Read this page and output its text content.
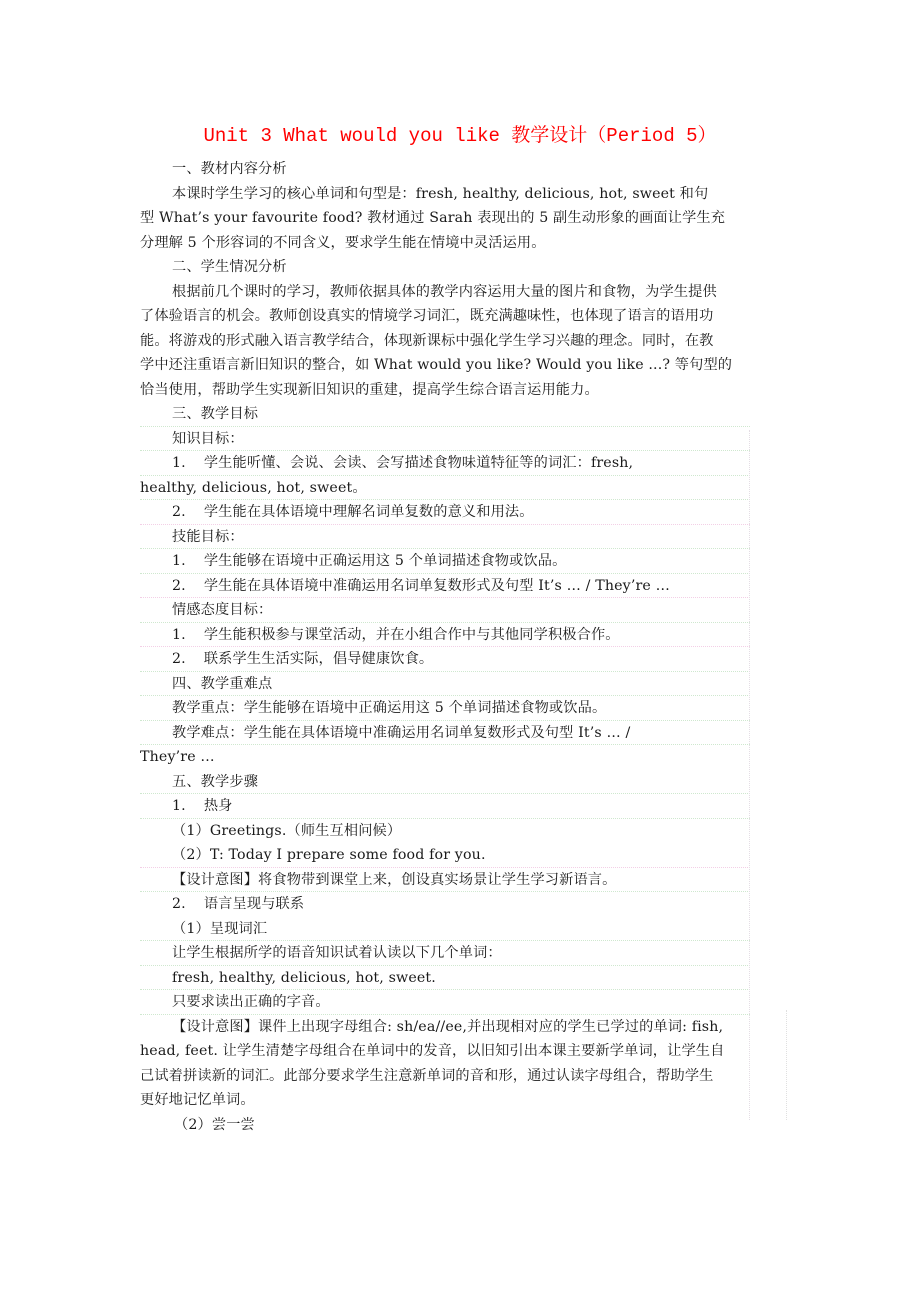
Unit 3 What would you like 教学设计（Period 5）
一、教材内容分析
本课时学生学习的核心单词和句型是：fresh, healthy, delicious, hot, sweet 和句
型 What’s your favourite food? 教材通过 Sarah 表现出的 5 副生动形象的画面让学生充
分理解 5 个形容词的不同含义，要求学生能在情境中灵活运用。
二、学生情况分析
根据前几个课时的学习，教师依据具体的教学内容运用大量的图片和食物，为学生提供
了体验语言的机会。教师创设真实的情境学习词汇，既充满趣味性，也体现了语言的语用功
能。将游戏的形式融入语言教学结合，体现新课标中强化学生学习兴趣的理念。同时，在教
学中还注重语言新旧知识的整合，如 What would you like? Would you like ...? 等句型的
恰当使用，帮助学生实现新旧知识的重建，提高学生综合语言运用能力。
三、教学目标
知识目标：
1. 学生能听懂、会说、会读、会写描述食物味道特征等的词汇：fresh,
healthy, delicious, hot, sweet。
2. 学生能在具体语境中理解名词单复数的意义和用法。
技能目标：
1. 学生能够在语境中正确运用这 5 个单词描述食物或饮品。
2. 学生能在具体语境中准确运用名词单复数形式及句型 It’s … / They’re …
情感态度目标：
1. 学生能积极参与课堂活动，并在小组合作中与其他同学积极合作。
2. 联系学生生活实际，倡导健康饮食。
四、教学重难点
教学重点：学生能够在语境中正确运用这 5 个单词描述食物或饮品。
教学难点：学生能在具体语境中准确运用名词单复数形式及句型 It’s … /
They’re …
五、教学步骤
1. 热身
（1）Greetings.（师生互相问候）
（2）T: Today I prepare some food for you.
【设计意图】将食物带到课堂上来，创设真实场景让学生学习新语言。
2. 语言呈现与联系
（1）呈现词汇
让学生根据所学的语音知识试着认读以下几个单词：
fresh, healthy, delicious, hot, sweet.
只要求读出正确的字音。
【设计意图】课件上出现字母组合: sh/ea//ee,并出现相对应的学生已学过的单词: fish,
head, feet. 让学生清楚字母组合在单词中的发音，以旧知引出本课主要新学单词，让学生自
己试着拼读新的词汇。此部分要求学生注意新单词的音和形，通过认读字母组合，帮助学生
更好地记忆单词。
（2）尝一尝
